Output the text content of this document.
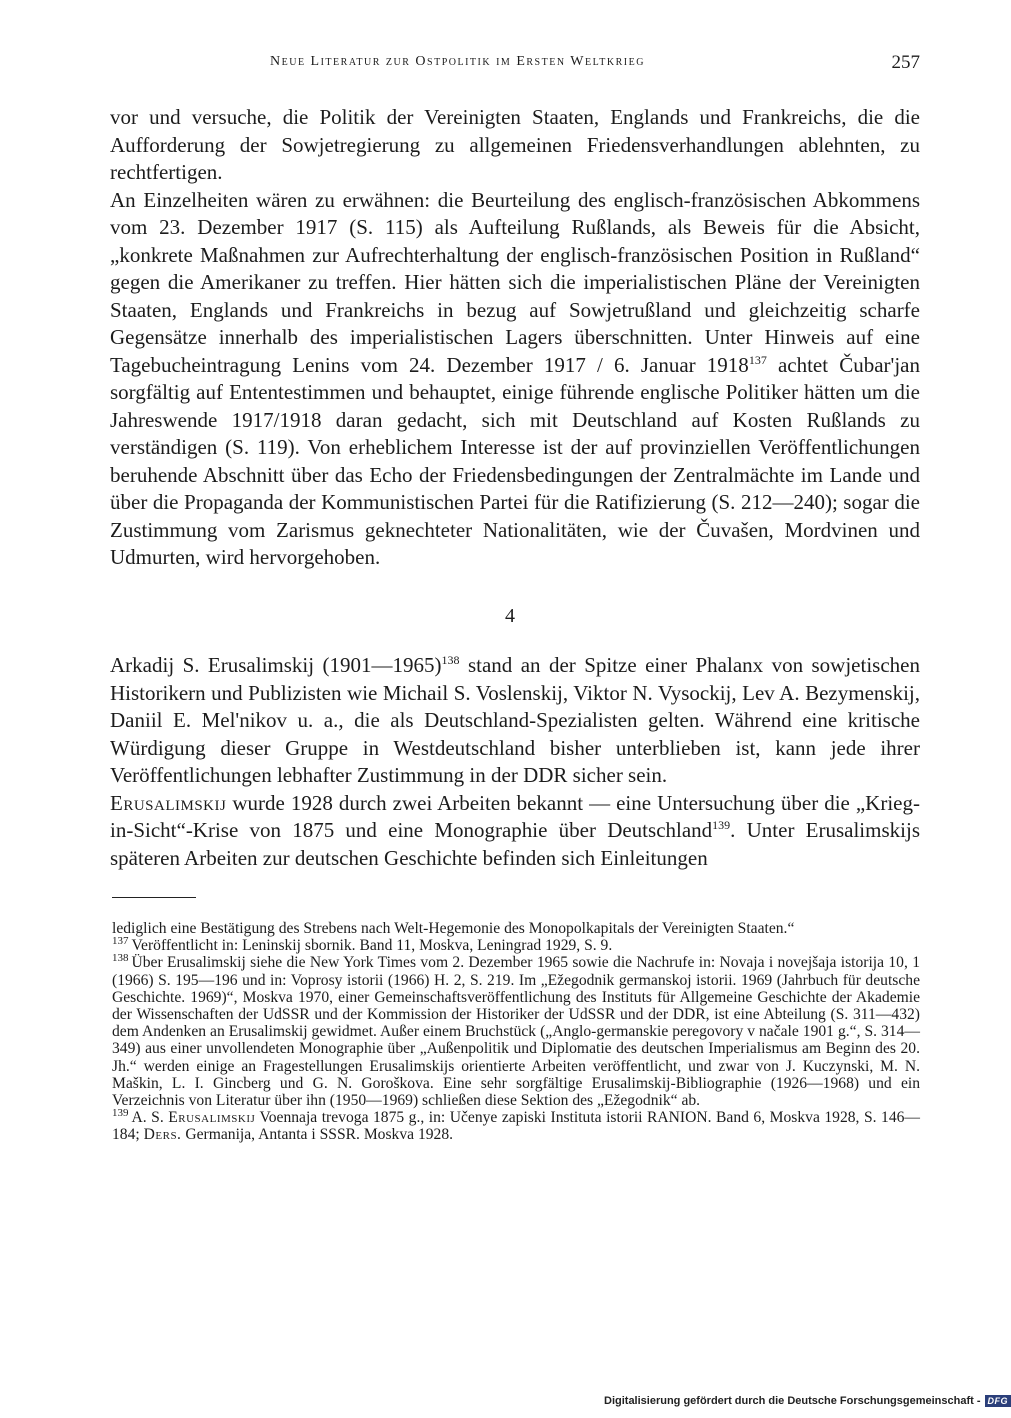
Neue Literatur zur Ostpolitik im Ersten Weltkrieg	257

vor und versuche, die Politik der Vereinigten Staaten, Englands und Frankreichs, die die Aufforderung der Sowjetregierung zu allgemeinen Friedensverhandlungen ablehnten, zu rechtfertigen.

An Einzelheiten wären zu erwähnen: die Beurteilung des englisch-französischen Abkommens vom 23. Dezember 1917 (S. 115) als Aufteilung Rußlands, als Beweis für die Absicht, „konkrete Maßnahmen zur Aufrechterhaltung der englisch-französischen Position in Rußland“ gegen die Amerikaner zu treffen. Hier hätten sich die imperialistischen Pläne der Vereinigten Staaten, Englands und Frankreichs in bezug auf Sowjetrußland und gleichzeitig scharfe Gegensätze innerhalb des imperialistischen Lagers überschnitten. Unter Hinweis auf eine Tagebucheintragung Lenins vom 24. Dezember 1917 / 6. Januar 1918$^{137}$ achtet Čubar'jan sorgfältig auf Ententestimmen und behauptet, einige führende englische Politiker hätten um die Jahreswende 1917/1918 daran gedacht, sich mit Deutschland auf Kosten Rußlands zu verständigen (S. 119). Von erheblichem Interesse ist der auf provinziellen Veröffentlichungen beruhende Abschnitt über das Echo der Friedensbedingungen der Zentralmächte im Lande und über die Propaganda der Kommunistischen Partei für die Ratifizierung (S. 212—240); sogar die Zustimmung vom Zarismus geknechteter Nationalitäten, wie der Čuvašen, Mordvinen und Udmurten, wird hervorgehoben.

4

Arkadij S. Erusalimskij (1901—1965)$^{138}$ stand an der Spitze einer Phalanx von sowjetischen Historikern und Publizisten wie Michail S. Voslenskij, Viktor N. Vysockij, Lev A. Bezymenskij, Daniil E. Mel'nikov u. a., die als Deutschland-Spezialisten gelten. Während eine kritische Würdigung dieser Gruppe in Westdeutschland bisher unterblieben ist, kann jede ihrer Veröffentlichungen lebhafter Zustimmung in der DDR sicher sein.

Erusalimskij wurde 1928 durch zwei Arbeiten bekannt — eine Untersuchung über die „Krieg-in-Sicht“-Krise von 1875 und eine Monographie über Deutschland$^{139}$. Unter Erusalimskijs späteren Arbeiten zur deutschen Geschichte befinden sich Einleitungen

lediglich eine Bestätigung des Strebens nach Welt-Hegemonie des Monopolkapitals der Vereinigten Staaten.“

$^{137}$ Veröffentlicht in: Leninskij sbornik. Band 11, Moskva, Leningrad 1929, S. 9.

$^{138}$ Über Erusalimskij siehe die New York Times vom 2. Dezember 1965 sowie die Nachrufe in: Novaja i novejšaja istorija 10, 1 (1966) S. 195—196 und in: Voprosy istorii (1966) H. 2, S. 219. Im „Ežegodnik germanskoj istorii. 1969 (Jahrbuch für deutsche Geschichte. 1969)“, Moskva 1970, einer Gemeinschaftsveröffentlichung des Instituts für Allgemeine Geschichte der Akademie der Wissenschaften der UdSSR und der Kommission der Historiker der UdSSR und der DDR, ist eine Abteilung (S. 311—432) dem Andenken an Erusalimskij gewidmet. Außer einem Bruchstück („Anglo-germanskie peregovory v načale 1901 g.“, S. 314—349) aus einer unvollendeten Monographie über „Außenpolitik und Diplomatie des deutschen Imperialismus am Beginn des 20. Jh.“ werden einige an Fragestellungen Erusalimskijs orientierte Arbeiten veröffentlicht, und zwar von J. Kuczynski, M. N. Maškin, L. I. Ginсberg und G. N. Goroškova. Eine sehr sorgfältige Erusalimskij-Bibliographie (1926—1968) und ein Verzeichnis von Literatur über ihn (1950—1969) schließen diese Sektion des „Ežegodnik“ ab.

$^{139}$ A. S. Erusalimskij Voennaja trevoga 1875 g., in: Učenye zapiski Instituta istorii RANION. Band 6, Moskva 1928, S. 146—184; Ders. Germanija, Antanta i SSSR. Moskva 1928.

Digitalisierung gefördert durch die Deutsche Forschungsgemeinschaft - DFG
